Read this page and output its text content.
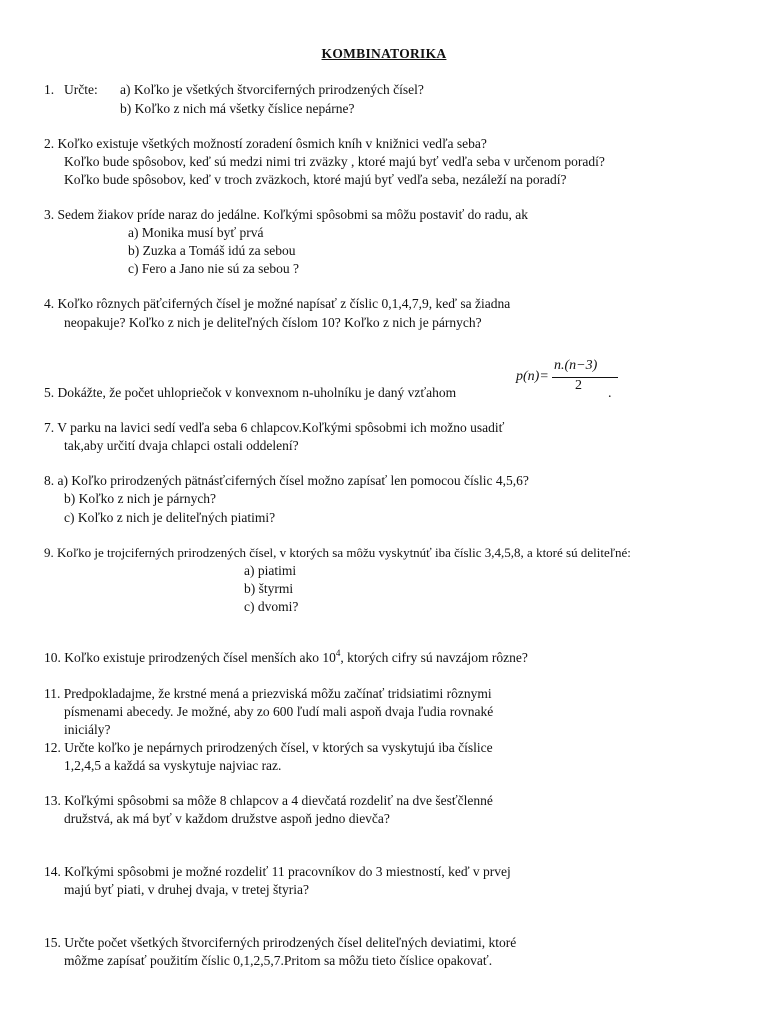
KOMBINATORIKA
1. Určte: a) Koľko je všetkých štvorciferných prirodzených čísel?
b) Koľko z nich má všetky číslice nepárne?
2. Koľko existuje všetkých možností zoradení ôsmich kníh v knižnici vedľa seba?
Koľko bude spôsobov, keď sú medzi nimi tri zväzky , ktoré majú byť vedľa seba v určenom poradí?
Koľko bude spôsobov, keď v troch zväzkoch, ktoré majú byť vedľa seba, nezáleží na poradí?
3. Sedem žiakov príde naraz do jedálne. Koľkými spôsobmi sa môžu postaviť do radu, ak
a) Monika musí byť prvá
b) Zuzka a Tomáš idú za sebou
c) Fero a Jano nie sú za sebou ?
4. Koľko rôznych päťciferných čísel je možné napísať z číslic 0,1,4,7,9, keď sa žiadna
neopakuje? Koľko z nich je deliteľných číslom 10? Koľko z nich je párnych?
5. Dokážte, že počet uhlopriečok v konvexnom n-uholníku je daný vzťahom
p(n)=
n.(n−3)
2
.
7. V parku na lavici sedí vedľa seba 6 chlapcov.Koľkými spôsobmi ich možno usadiť
tak,aby určití dvaja chlapci ostali oddelení?
8. a) Koľko prirodzených pätnásťciferných čísel možno zapísať len pomocou číslic 4,5,6?
b) Koľko z nich je párnych?
c) Koľko z nich je deliteľných piatimi?
9. Koľko je trojciferných prirodzených čísel, v ktorých sa môžu vyskytnúť iba číslic 3,4,5,8, a ktoré sú deliteľné:
a) piatimi
b) štyrmi
c) dvomi?
10. Koľko existuje prirodzených čísel menších ako $10^4$, ktorých cifry sú navzájom rôzne?
11. Predpokladajme, že krstné mená a priezviská môžu začínať tridsiatimi rôznymi
písmenami abecedy. Je možné, aby zo 600 ľudí mali aspoň dvaja ľudia rovnaké
iniciály?
12. Určte koľko je nepárnych prirodzených čísel, v ktorých sa vyskytujú iba číslice
1,2,4,5 a každá sa vyskytuje najviac raz.
13. Koľkými spôsobmi sa môže 8 chlapcov a 4 dievčatá rozdeliť na dve šesťčlenné
družstvá, ak má byť v každom družstve aspoň jedno dievča?
14. Koľkými spôsobmi je možné rozdeliť 11 pracovníkov do 3 miestností, keď v prvej
majú byť piati, v druhej dvaja, v tretej štyria?
15. Určte počet všetkých štvorciferných prirodzených čísel deliteľných deviatimi, ktoré
môžme zapísať použitím číslic 0,1,2,5,7.Pritom sa môžu tieto číslice opakovať.
